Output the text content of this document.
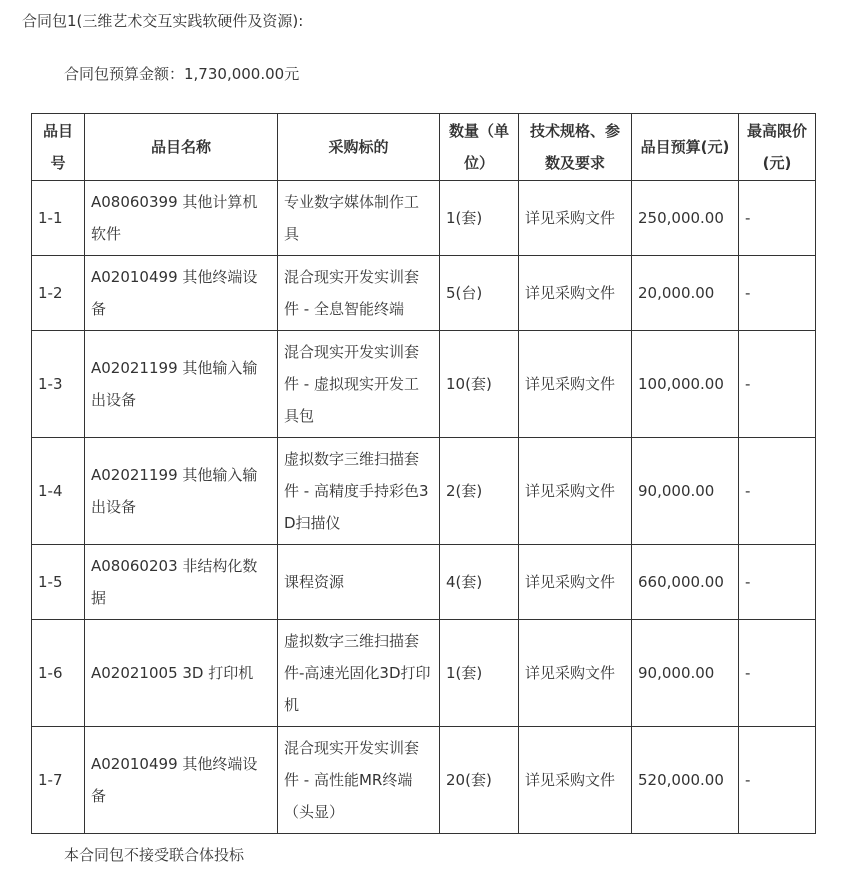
合同包1(三维艺术交互实践软硬件及资源):
合同包预算金额：1,730,000.00元
品目号	品目名称	采购标的	数量（单位）	技术规格、参数及要求	品目预算(元)	最高限价(元)
1-1	A08060399 其他计算机软件	专业数字媒体制作工具	1(套)	详见采购文件	250,000.00	-
1-2	A02010499 其他终端设备	混合现实开发实训套件 - 全息智能终端	5(台)	详见采购文件	20,000.00	-
1-3	A02021199 其他输入输出设备	混合现实开发实训套件 - 虚拟现实开发工具包	10(套)	详见采购文件	100,000.00	-
1-4	A02021199 其他输入输出设备	虚拟数字三维扫描套件 - 高精度手持彩色3D扫描仪	2(套)	详见采购文件	90,000.00	-
1-5	A08060203 非结构化数据	课程资源	4(套)	详见采购文件	660,000.00	-
1-6	A02021005 3D 打印机	虚拟数字三维扫描套件-高速光固化3D打印机	1(套)	详见采购文件	90,000.00	-
1-7	A02010499 其他终端设备	混合现实开发实训套件 - 高性能MR终端（头显）	20(套)	详见采购文件	520,000.00	-
本合同包不接受联合体投标
